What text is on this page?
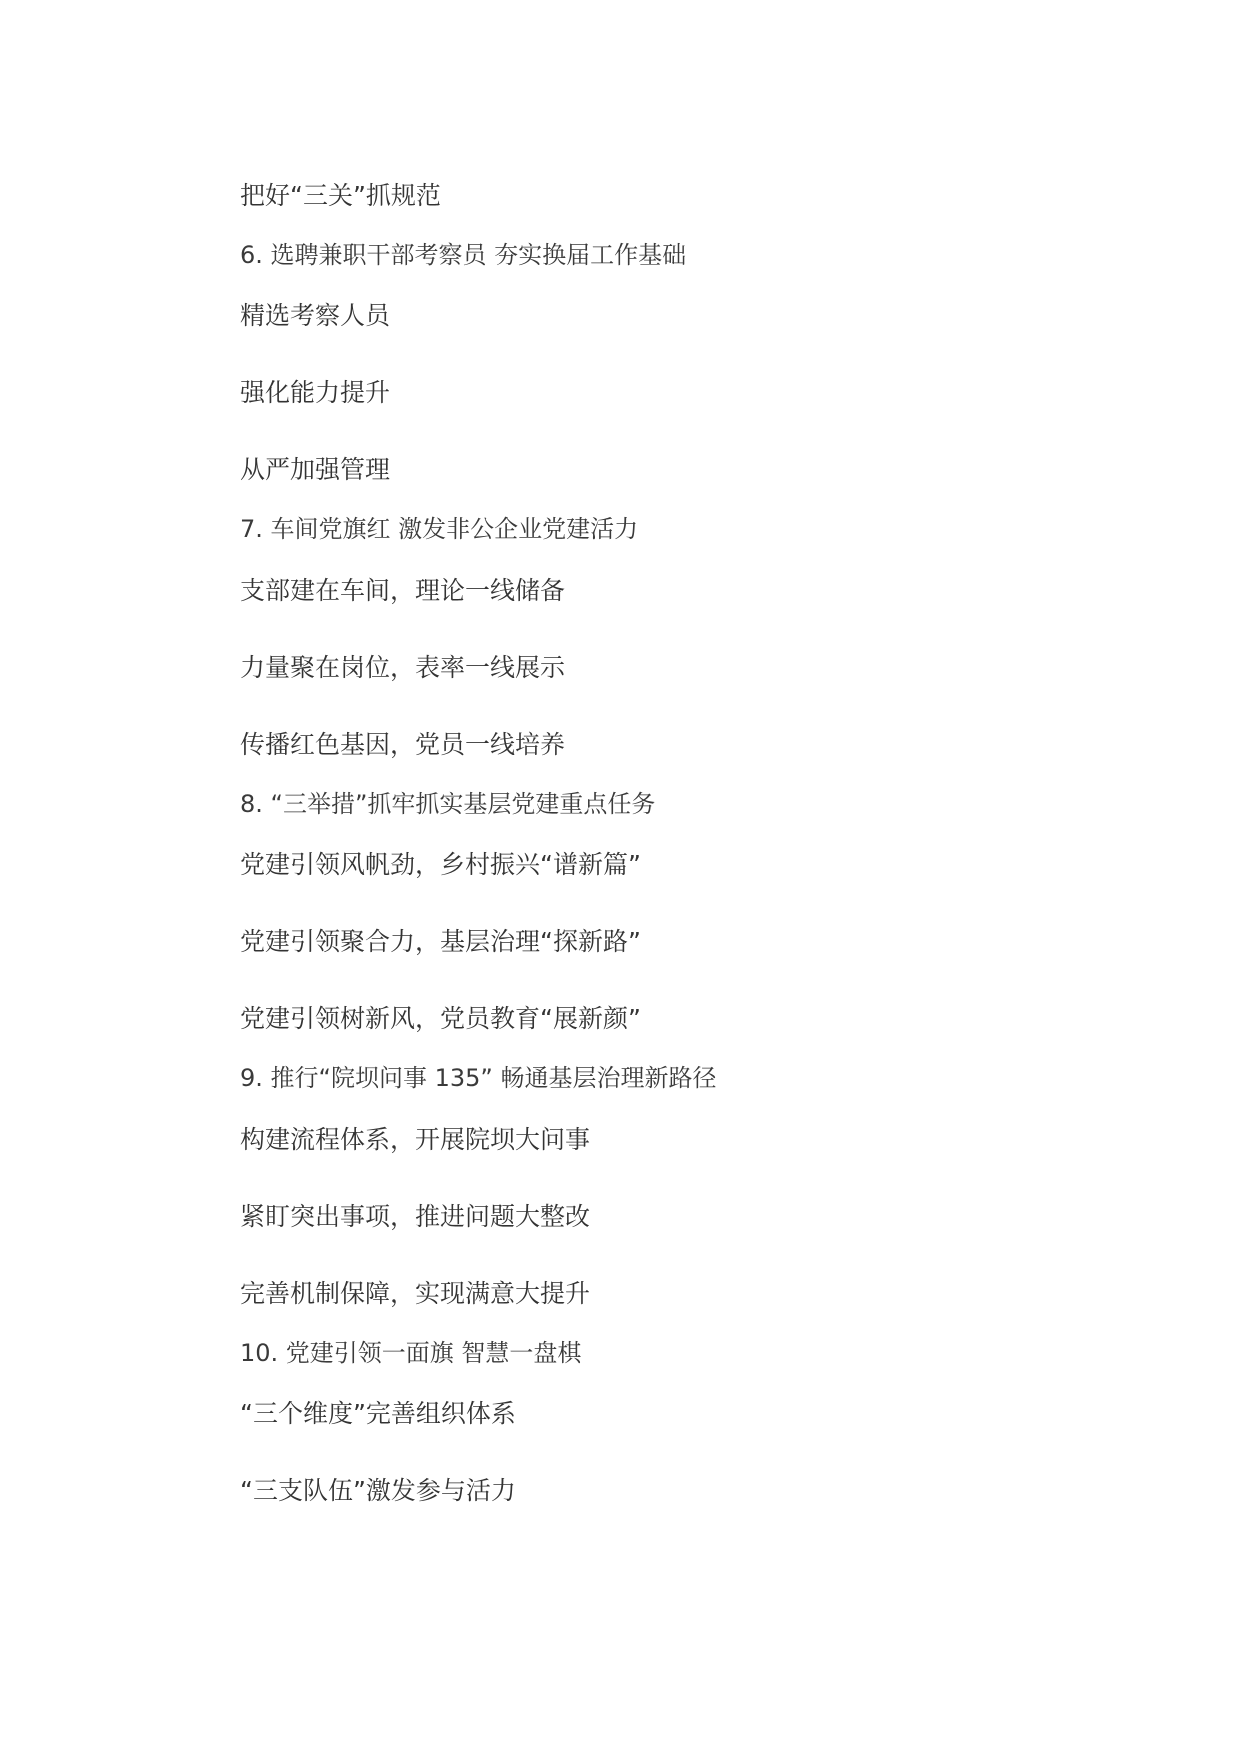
把好“三关”抓规范

6. 选聘兼职干部考察员 夯实换届工作基础

精选考察人员

强化能力提升

从严加强管理

7. 车间党旗红 激发非公企业党建活力

支部建在车间，理论一线储备

力量聚在岗位，表率一线展示

传播红色基因，党员一线培养

8. “三举措”抓牢抓实基层党建重点任务

党建引领风帆劲，乡村振兴“谱新篇”

党建引领聚合力，基层治理“探新路”

党建引领树新风，党员教育“展新颜”

9. 推行“院坝问事 135” 畅通基层治理新路径

构建流程体系，开展院坝大问事

紧盯突出事项，推进问题大整改

完善机制保障，实现满意大提升

10. 党建引领一面旗 智慧一盘棋

“三个维度”完善组织体系

“三支队伍”激发参与活力
